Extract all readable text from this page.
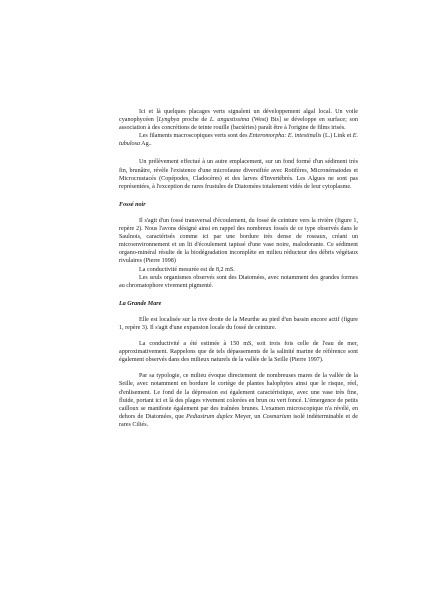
Ici et là quelques placages verts signalent un développement algal local. Un voile cyanophycéen [Lyngbya proche de L. angustissima (West) Bis] se développe en surface; son association à des concrétions de teinte rouille (bactéries) paraît être à l'origine de films irisés.

Les filaments macroscopiques verts sont des Enteromorpha: E. intestinalis (L.) Link et E. tubulosa Ag..

Un prélèvement effectué à un autre emplacement, sur un fond formé d'un sédiment très fin, brunâtre, révèle l'existence d'une microfaune diversifiée avec Rotifères, Micronématodes et Microcrustacés (Copépodes, Cladocères) et des larves d'Invertébrés. Les Algues ne sont pas représentées, à l'exception de rares frustules de Diatomées totalement vidés de leur cytoplasme.

Fossé noir

Il s'agit d'un fossé transversal d'écoulement, du fossé de ceinture vers la rivière (figure 1, repère 2). Nous l'avons désigné ainsi en rappel des nombreux fossés de ce type observés dans le Saulnois, caractérisés comme ici par une bordure très dense de roseaux, créant un microenvironnement et un lit d'écoulement tapissé d'une vase noire, malodorante. Ce sédiment organo-minéral résulte de la biodégradation incomplète en milieu réducteur des débris végétaux rivulaires (Pierre 1998)

La conductivité mesurée est de 8,2 mS.

Les seuls organismes observés sont des Diatomées, avec notamment des grandes formes au chromatophore vivement pigmenté.

La Grande Mare

Elle est localisée sur la rive droite de la Meurthe au pied d'un bassin encore actif (figure 1, repère 3). Il s'agit d'une expansion locale du fossé de ceinture.

La conductivité a été estimée à 150 mS, soit trois fois celle de l'eau de mer, approximativement. Rappelons que de tels dépassements de la salinité marine de référence sont également observés dans des milieux naturels de la vallée de la Seille (Pierre 1997).

Par sa typologie, ce milieu évoque directement de nombreuses mares de la vallée de la Seille, avec notamment en bordure le cortège de plantes halophytes ainsi que le risque, réel, d'enlisement. Le fond de la dépression est également caractéristique, avec une vase très fine, fluide, portant ici et là des plages vivement colorées en brun ou vert foncé. L'émergence de petits cailloux se manifeste également par des traînées brunes. L'examen microscopique n'a révélé, en dehors de Diatomées, que Pediastrum duplex Meyer, un Cosmarium isolé indéterminable et de rares Ciliés.
